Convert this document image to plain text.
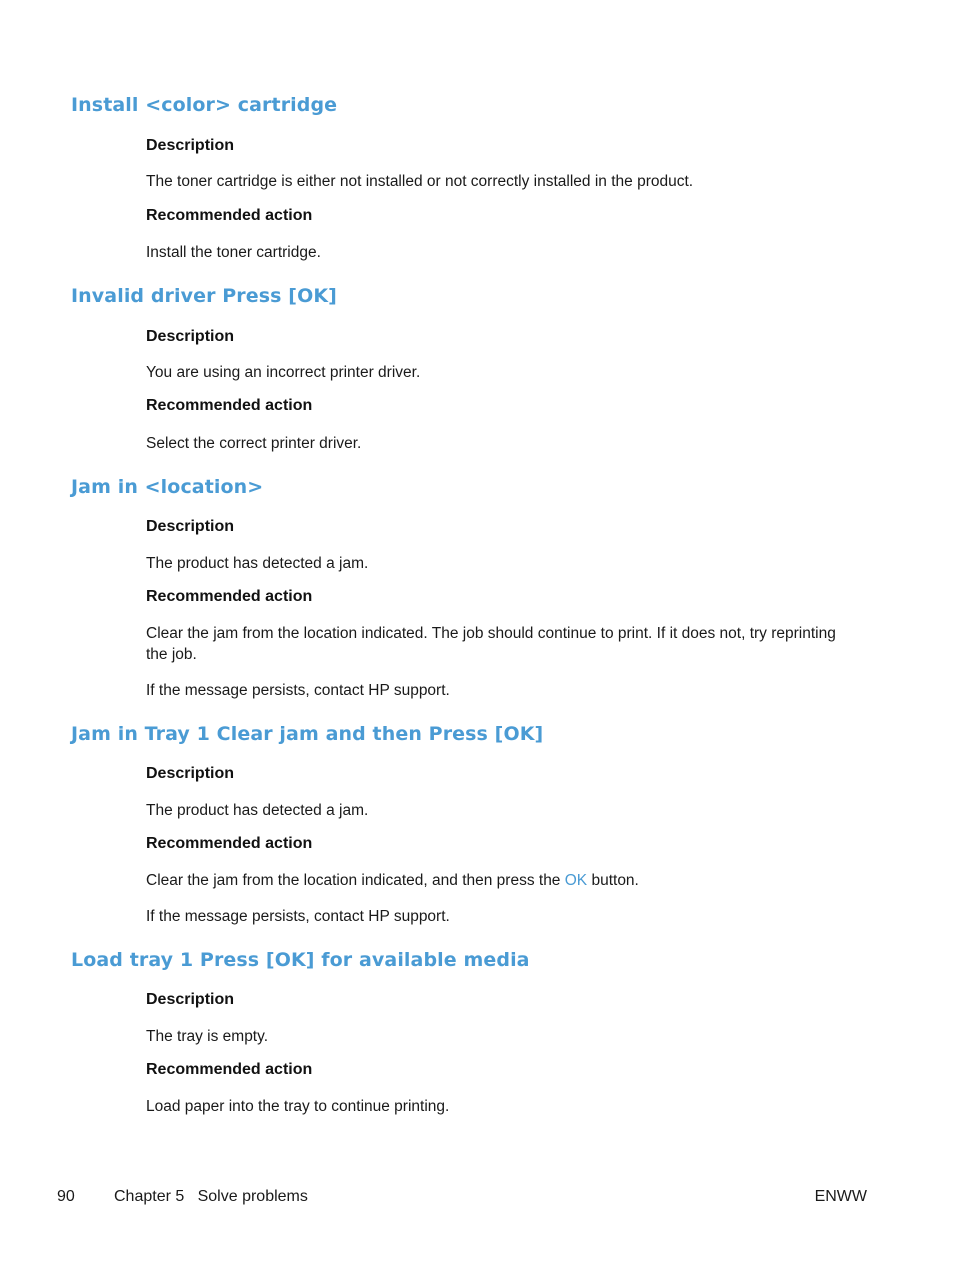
Install <color> cartridge

Description

The toner cartridge is either not installed or not correctly installed in the product.

Recommended action

Install the toner cartridge.

Invalid driver Press [OK]

Description

You are using an incorrect printer driver.

Recommended action

Select the correct printer driver.

Jam in <location>

Description

The product has detected a jam.

Recommended action

Clear the jam from the location indicated. The job should continue to print. If it does not, try reprinting the job.

If the message persists, contact HP support.

Jam in Tray 1 Clear jam and then Press [OK]

Description

The product has detected a jam.

Recommended action

Clear the jam from the location indicated, and then press the OK button.

If the message persists, contact HP support.

Load tray 1 Press [OK] for available media

Description

The tray is empty.

Recommended action

Load paper into the tray to continue printing.

90 Chapter 5   Solve problems	ENWW
